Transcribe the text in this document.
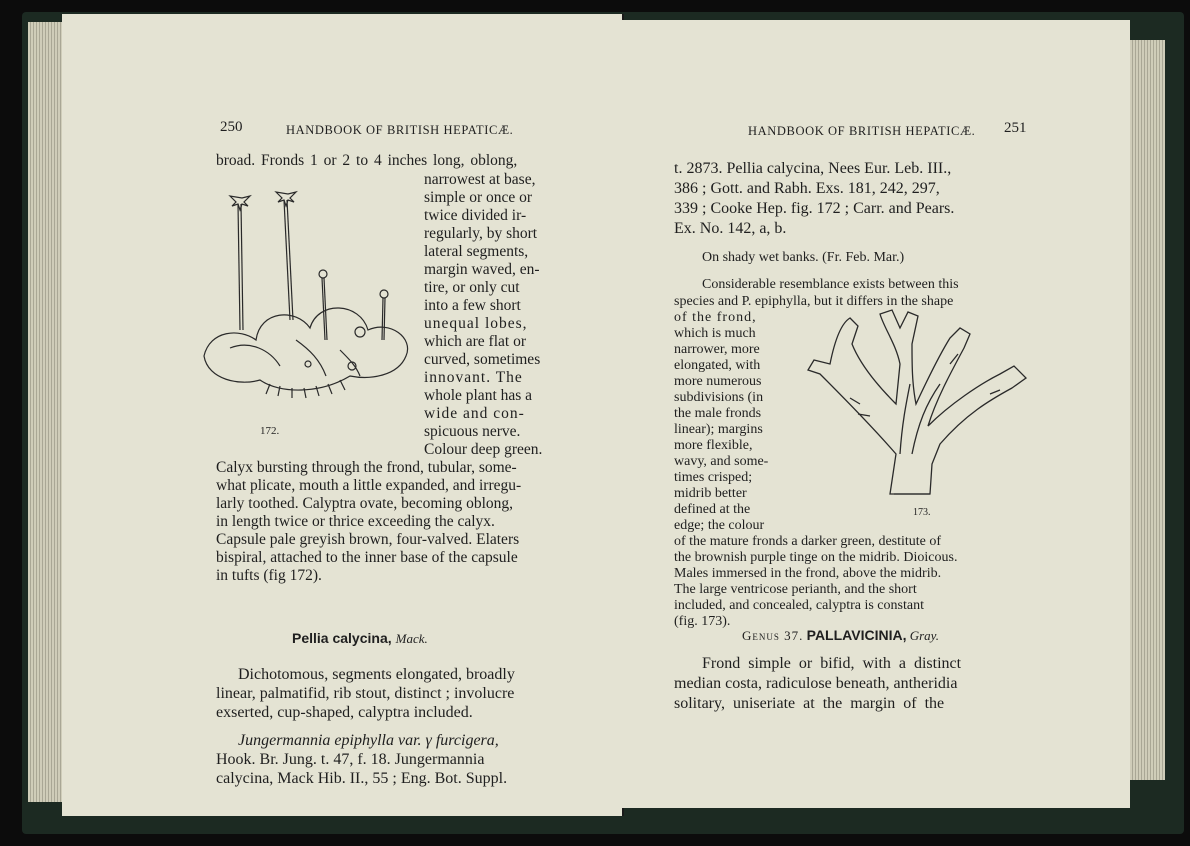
250	HANDBOOK OF BRITISH HEPATICÆ.
broad. Fronds 1 or 2 to 4 inches long, oblong,
narrowest at base,
simple or once or
twice divided ir-
regularly, by short
lateral segments,
margin waved, en-
tire, or only cut
into a few short
unequal lobes,
which are flat or
curved, sometimes
innovant. The
whole plant has a
wide and con-
spicuous nerve.
Colour deep green.
Calyx bursting through the frond, tubular, some-
what plicate, mouth a little expanded, and irregu-
larly toothed. Calyptra ovate, becoming oblong,
in length twice or thrice exceeding the calyx.
Capsule pale greyish brown, four-valved. Elaters
bispiral, attached to the inner base of the capsule
in tufts (fig 172).
172.
Pellia calycina, Mack.
Dichotomous, segments elongated, broadly
linear, palmatifid, rib stout, distinct ; involucre
exserted, cup-shaped, calyptra included.
Jungermannia epiphylla var. γ furcigera,
Hook. Br. Jung. t. 47, f. 18. Jungermannia
calycina, Mack Hib. II., 55 ; Eng. Bot. Suppl.
HANDBOOK OF BRITISH HEPATICÆ. 251
t. 2873. Pellia calycina, Nees Eur. Leb. III.,
386 ; Gott. and Rabh. Exs. 181, 242, 297,
339 ; Cooke Hep. fig. 172 ; Carr. and Pears.
Ex. No. 142, a, b.
On shady wet banks. (Fr. Feb. Mar.)
Considerable resemblance exists between this
species and P. epiphylla, but it differs in the shape
of the frond,
which is much
narrower, more
elongated, with
more numerous
subdivisions (in
the male fronds
linear); margins
more flexible,
wavy, and some-
times crisped;
midrib better
defined at the
edge; the colour
173.
of the mature fronds a darker green, destitute of
the brownish purple tinge on the midrib. Dioicous.
Males immersed in the frond, above the midrib.
The large ventricose perianth, and the short
included, and concealed, calyptra is constant
(fig. 173).
Genus 37. PALLAVICINIA, Gray.
Frond simple or bifid, with a distinct
median costa, radiculose beneath, antheridia
solitary, uniseriate at the margin of the
